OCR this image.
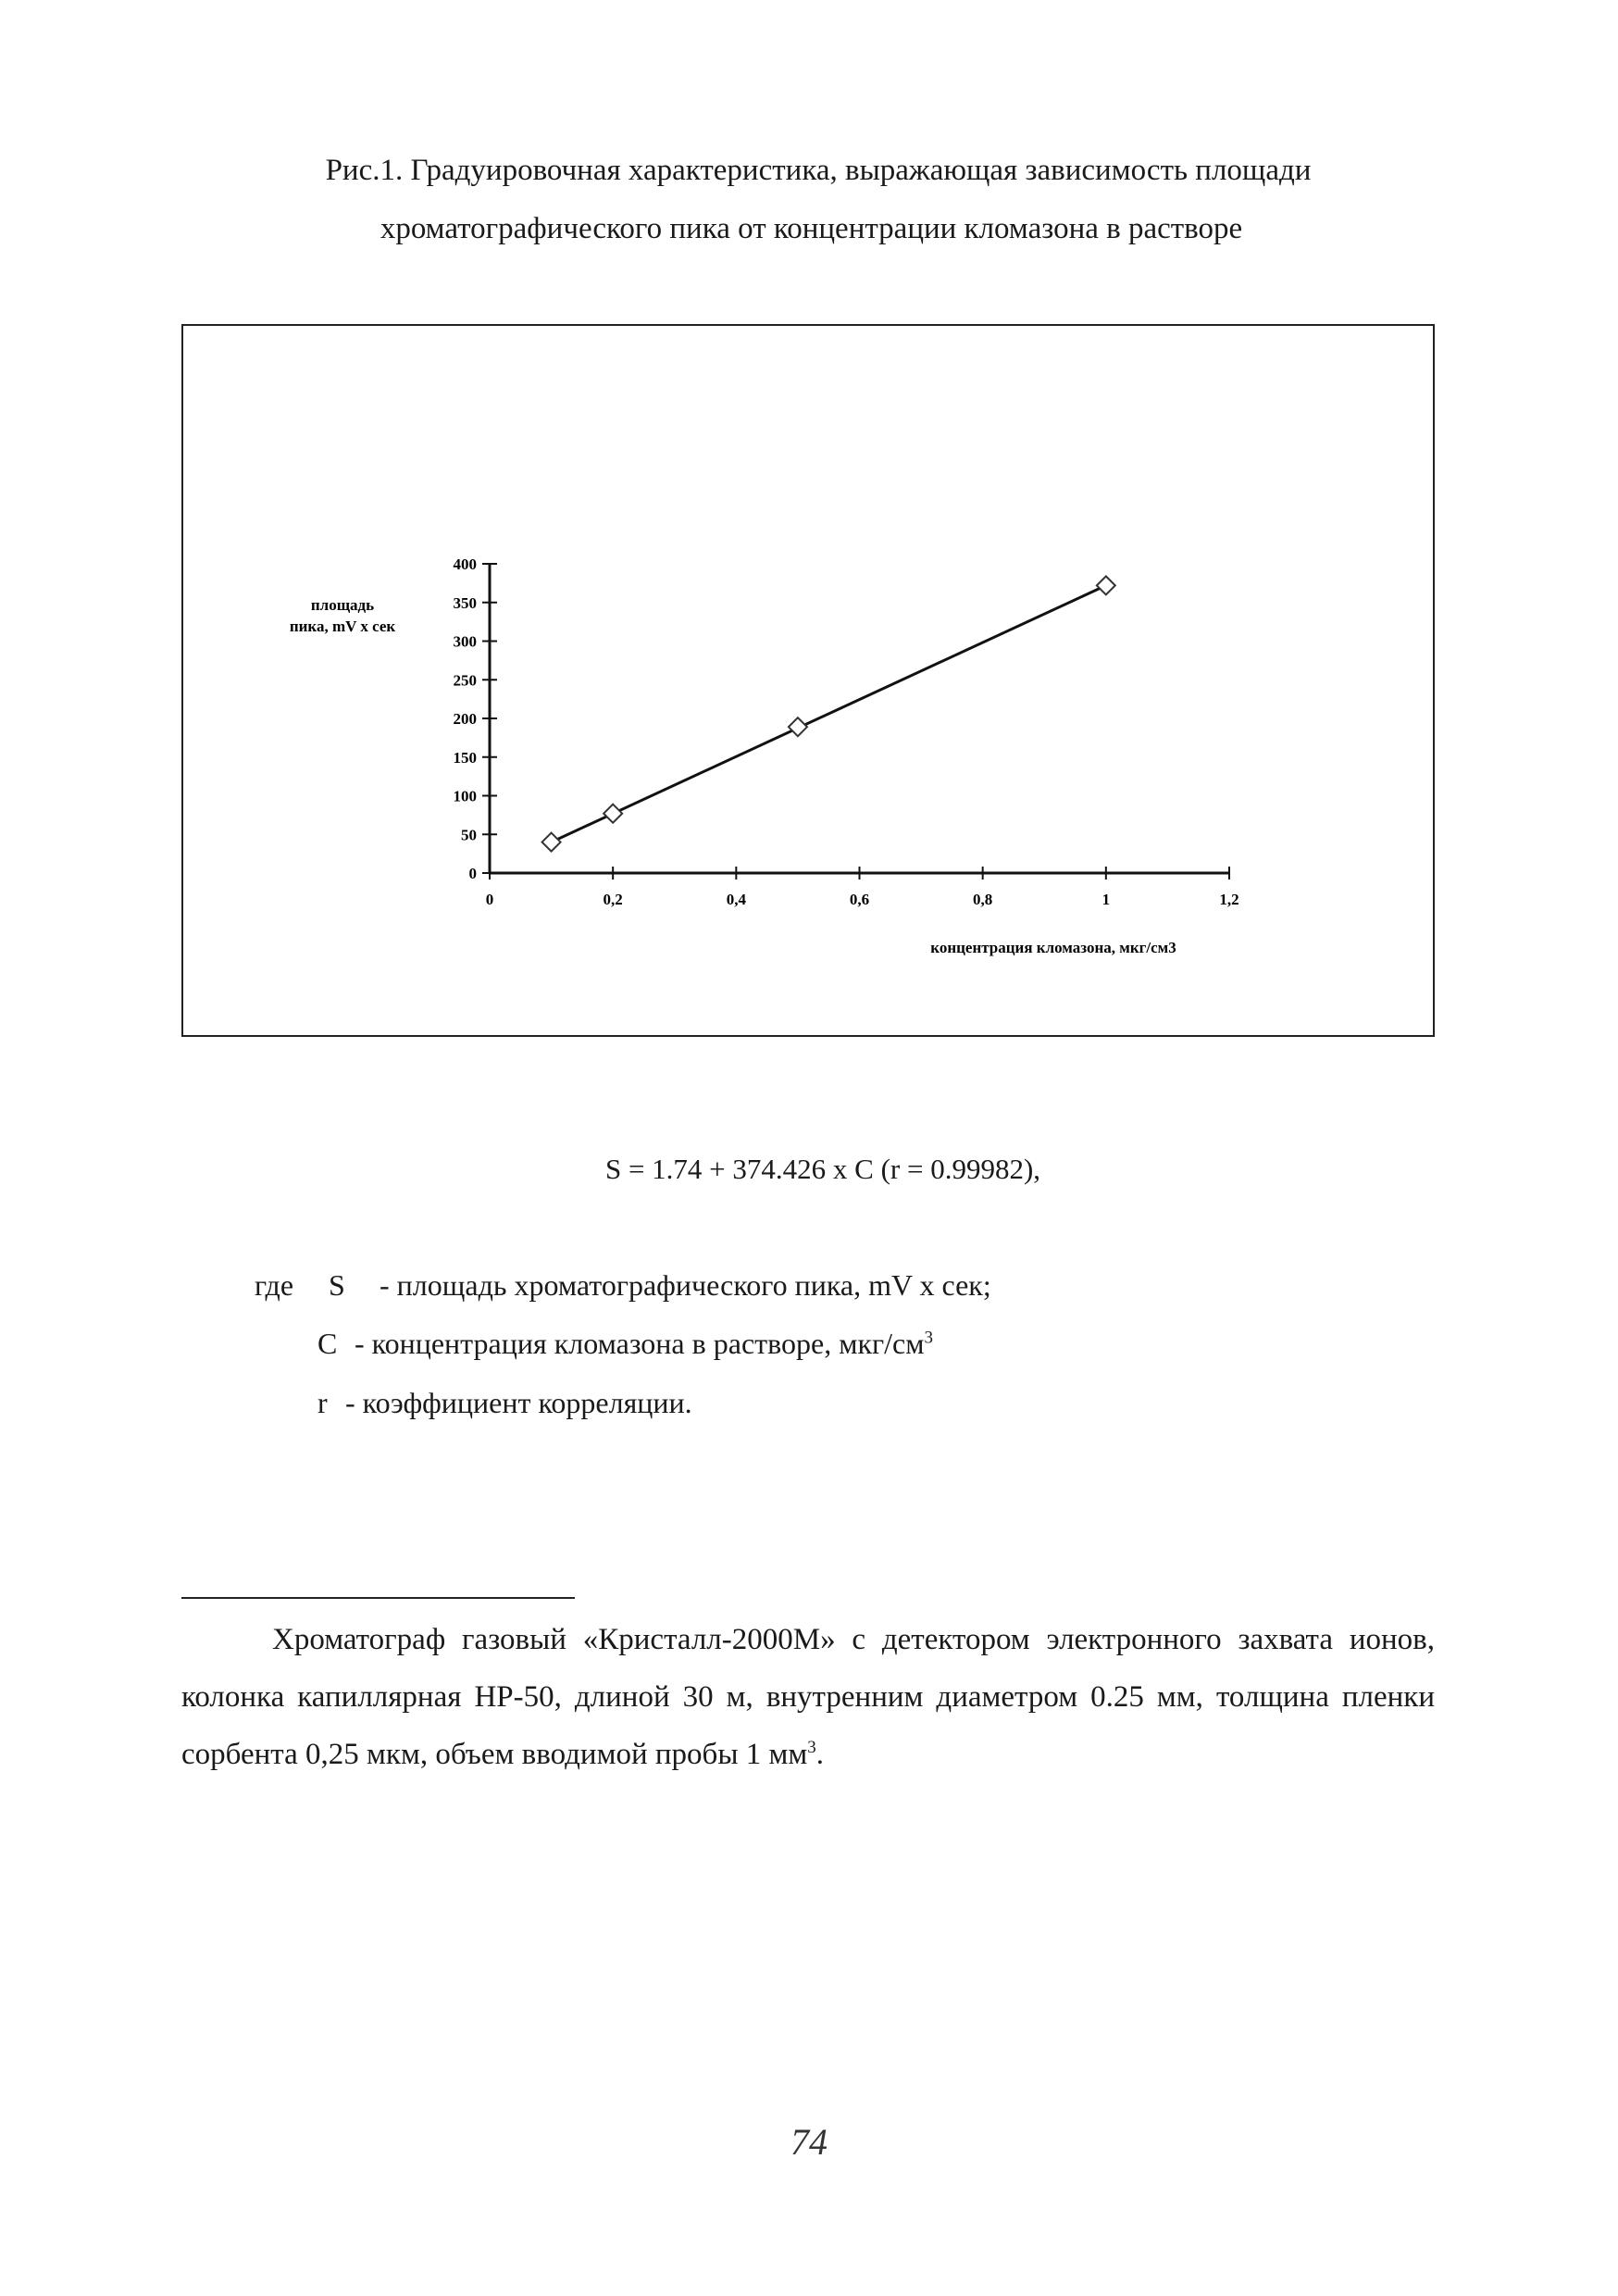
Рис.1. Градуировочная характеристика, выражающая зависимость площади
хроматографического пика от концентрации кломазона в растворе
0
50
100
150
200
250
300
350
400
0	0,2	0,4	0,6	0,8	1	1,2
площадь
пика, mV x сек
концентрация кломазона, мкг/см3
S = 1.74 + 374.426 x C (r = 0.99982),
где S - площадь хроматографического пика, mV x сек;
C - концентрация кломазона в растворе, мкг/$см^3$
r - коэффициент корреляции.
Хроматограф газовый «Кристалл-2000М» с детектором электронного захвата ионов, колонка капиллярная HP-50, длиной 30 м, внутренним диаметром 0.25 мм, толщина пленки сорбента 0,25 мкм, объем вводимой пробы 1 $мм^3$.
74
